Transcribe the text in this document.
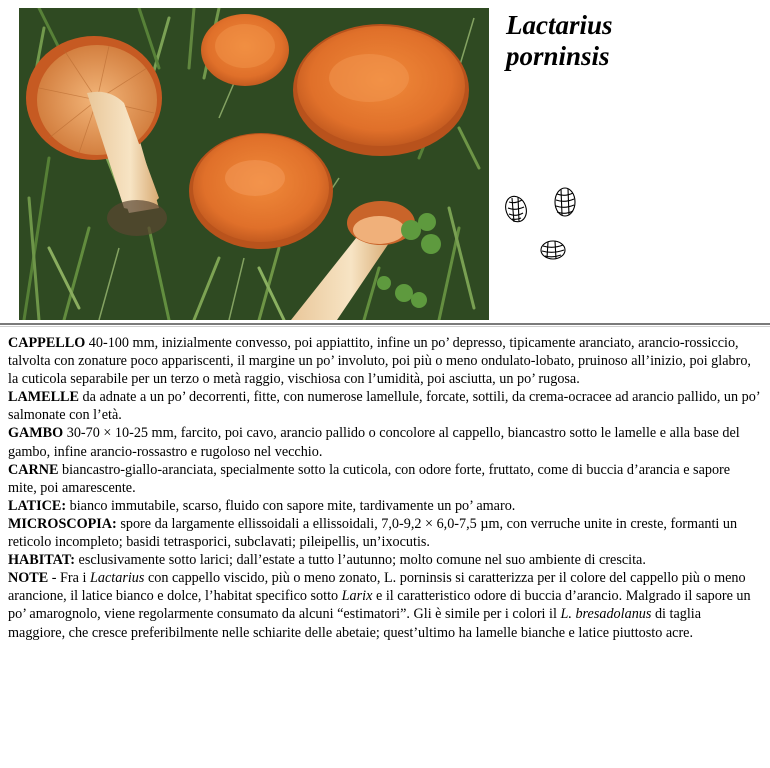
Lactarius
porninsis

CAPPELLO 40-100 mm, inizialmente convesso, poi appiattito, infine un po’ depresso, tipicamente aranciato, arancio-rossiccio, talvolta con zonature poco appariscenti, il margine un po’ involuto, poi più o meno ondulato-lobato, pruinoso all’inizio, poi glabro, la cuticola separabile per un terzo o metà raggio, vischiosa con l’umidità, poi asciutta, un po’ rugosa.

LAMELLE da adnate a un po’ decorrenti, fitte, con numerose lamellule, forcate, sottili, da crema-ocracee ad arancio pallido, un po’ salmonate con l’età.

GAMBO 30-70 × 10-25 mm, farcito, poi cavo, arancio pallido o concolore al cappello, biancastro sotto le lamelle e alla base del gambo, infine arancio-rossastro e rugoloso nel vecchio.

CARNE biancastro-giallo-aranciata, specialmente sotto la cuticola, con odore forte, fruttato, come di buccia d’arancia e sapore mite, poi amarescente.

LATICE: bianco immutabile, scarso, fluido con sapore mite, tardivamente un po’ amaro.

MICROSCOPIA: spore da largamente ellissoidali a ellissoidali, 7,0-9,2 × 6,0-7,5 µm, con verruche unite in creste, formanti un reticolo incompleto; basidi tetrasporici, subclavati; pileipellis, un’ixocutis.

HABITAT: esclusivamente sotto larici; dall’estate a tutto l’autunno; molto comune nel suo ambiente di crescita.

NOTE - Fra i Lactarius con cappello viscido, più o meno zonato, L. porninsis si caratterizza per il colore del cappello più o meno arancione, il latice bianco e dolce, l’habitat specifico sotto Larix e il caratteristico odore di buccia d’arancio. Malgrado il sapore un po’ amarognolo, viene regolarmente consumato da alcuni “estimatori”. Gli è simile per i colori il L. bresadolanus di taglia maggiore, che cresce preferibilmente nelle schiarite delle abetaie; quest’ultimo ha lamelle bianche e latice piuttosto acre.
